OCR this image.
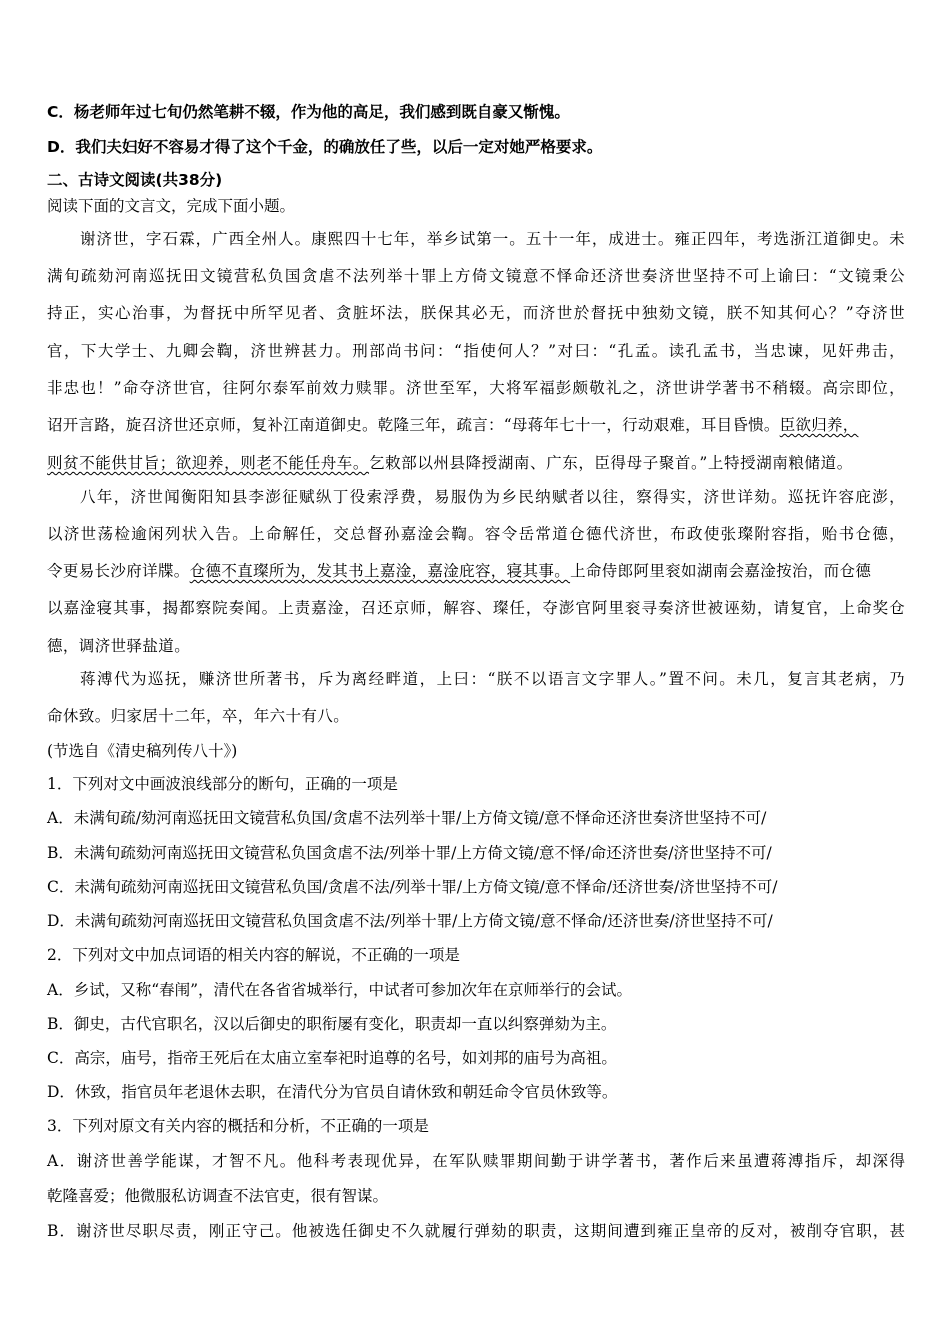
C．杨老师年过七旬仍然笔耕不辍，作为他的高足，我们感到既自豪又惭愧。
D．我们夫妇好不容易才得了这个千金，的确放任了些，以后一定对她严格要求。
二、古诗文阅读(共38分)
阅读下面的文言文，完成下面小题。
谢济世，字石霖，广西全州人。康熙四十七年，举乡试第一。五十一年，成进士。雍正四年，考选浙江道御史。未
满旬疏劾河南巡抚田文镜营私负国贪虐不法列举十罪上方倚文镜意不怿命还济世奏济世坚持不可上谕曰：“文镜秉公
持正，实心治事，为督抚中所罕见者、贪脏坏法，朕保其必无，而济世於督抚中独劾文镜，朕不知其何心？”夺济世
官，下大学士、九卿会鞫，济世辨甚力。刑部尚书问：“指使何人？”对曰：“孔孟。读孔孟书，当忠谏，见奸弗击，
非忠也！”命夺济世官，往阿尔泰军前效力赎罪。济世至军，大将军福彭颇敬礼之，济世讲学著书不稍辍。高宗即位，
诏开言路，旋召济世还京师，复补江南道御史。乾隆三年，疏言：“母蒋年七十一，行动艰难，耳目昏愦。臣欲归养，
则贫不能供甘旨；欲迎养，则老不能任舟车。乞敕部以州县降授湖南、广东，臣得母子聚首。”上特授湖南粮储道。
八年，济世闻衡阳知县李澎征赋纵丁役索浮费，易服伪为乡民纳赋者以往，察得实，济世详劾。巡抚许容庇澎，
以济世荡检逾闲列状入告。上命解任，交总督孙嘉淦会鞫。容令岳常道仓德代济世，布政使张璨附容指，贻书仓德，
令更易长沙府详牒。仓德不直璨所为，发其书上嘉淦，嘉淦庇容，寝其事。上命侍郎阿里衮如湖南会嘉淦按治，而仓德
以嘉淦寝其事，揭都察院奏闻。上责嘉淦，召还京师，解容、璨任，夺澎官阿里衮寻奏济世被诬劾，请复官，上命奖仓
德，调济世驿盐道。
蒋溥代为巡抚，赚济世所著书，斥为离经畔道，上曰：“朕不以语言文字罪人。”置不问。未几，复言其老病，乃
命休致。归家居十二年，卒，年六十有八。
(节选自《清史稿列传八十》)
1．下列对文中画波浪线部分的断句，正确的一项是
A．未满旬疏/劾河南巡抚田文镜营私负国/贪虐不法列举十罪/上方倚文镜/意不怿命还济世奏济世坚持不可/
B．未满旬疏劾河南巡抚田文镜营私负国贪虐不法/列举十罪/上方倚文镜/意不怿/命还济世奏/济世坚持不可/
C．未满旬疏劾河南巡抚田文镜营私负国/贪虐不法/列举十罪/上方倚文镜/意不怿命/还济世奏/济世坚持不可/
D．未满旬疏劾河南巡抚田文镜营私负国贪虐不法/列举十罪/上方倚文镜/意不怿命/还济世奏/济世坚持不可/
2．下列对文中加点词语的相关内容的解说，不正确的一项是
A．乡试，又称“春闱”，清代在各省省城举行，中试者可参加次年在京师举行的会试。
B．御史，古代官职名，汉以后御史的职衔屡有变化，职责却一直以纠察弹劾为主。
C．高宗，庙号，指帝王死后在太庙立室奉祀时追尊的名号，如刘邦的庙号为高祖。
D．休致，指官员年老退休去职，在清代分为官员自请休致和朝廷命令官员休致等。
3．下列对原文有关内容的概括和分析，不正确的一项是
A．谢济世善学能谋，才智不凡。他科考表现优异，在军队赎罪期间勤于讲学著书，著作后来虽遭蒋溥指斥，却深得
乾隆喜爱；他微服私访调查不法官吏，很有智谋。
B．谢济世尽职尽责，刚正守己。他被选任御史不久就履行弹劾的职责，这期间遭到雍正皇帝的反对，被削夺官职，甚
